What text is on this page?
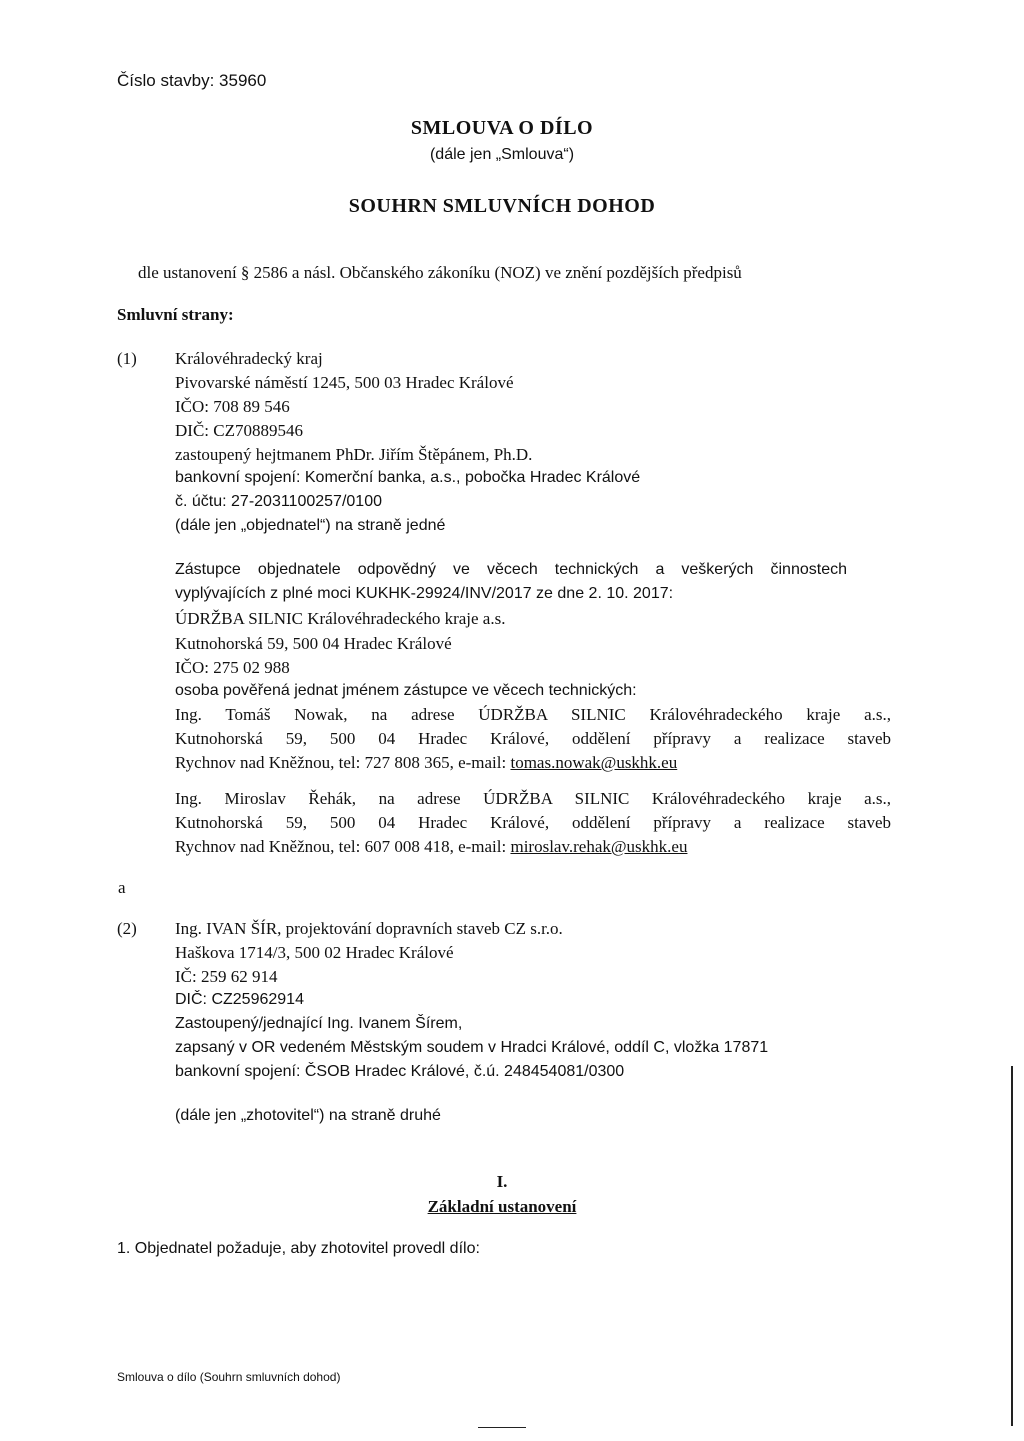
Číslo stavby: 35960
SMLOUVA O DÍLO
(dále jen „Smlouva“)
SOUHRN SMLUVNÍCH DOHOD
dle ustanovení § 2586 a násl. Občanského zákoníku (NOZ) ve znění pozdějších předpisů
Smluvní strany:
(1) Královéhradecký kraj
Pivovarské náměstí 1245, 500 03 Hradec Králové
IČO: 708 89 546
DIČ: CZ70889546
zastoupený hejtmanem PhDr. Jiřím Štěpánem, Ph.D.
bankovní spojení: Komerční banka, a.s., pobočka Hradec Králové
č. účtu: 27-2031100257/0100
(dále jen „objednatel“) na straně jedné
Zástupce objednatele odpovědný ve věcech technických a veškerých činnostech
vyplývajících z plné moci KUKHK-29924/INV/2017 ze dne 2. 10. 2017:
ÚDRŽBA SILNIC Královéhradeckého kraje a.s.
Kutnohorská 59, 500 04 Hradec Králové
IČO: 275 02 988
osoba pověřená jednat jménem zástupce ve věcech technických:
Ing. Tomáš Nowak, na adrese ÚDRŽBA SILNIC Královéhradeckého kraje a.s.,
Kutnohorská 59, 500 04 Hradec Králové, oddělení přípravy a realizace staveb
Rychnov nad Kněžnou, tel: 727 808 365, e-mail: tomas.nowak@uskhk.eu
Ing. Miroslav Řehák, na adrese ÚDRŽBA SILNIC Královéhradeckého kraje a.s.,
Kutnohorská 59, 500 04 Hradec Králové, oddělení přípravy a realizace staveb
Rychnov nad Kněžnou, tel: 607 008 418, e-mail: miroslav.rehak@uskhk.eu
a
(2) Ing. IVAN ŠÍR, projektování dopravních staveb CZ s.r.o.
Haškova 1714/3, 500 02 Hradec Králové
IČ: 259 62 914
DIČ: CZ25962914
Zastoupený/jednající Ing. Ivanem Šírem,
zapsaný v OR vedeném Městským soudem v Hradci Králové, oddíl C, vložka 17871
bankovní spojení: ČSOB Hradec Králové, č.ú. 248454081/0300
(dále jen „zhotovitel“) na straně druhé
I.
Základní ustanovení
1. Objednatel požaduje, aby zhotovitel provedl dílo:
Smlouva o dílo (Souhrn smluvních dohod)
